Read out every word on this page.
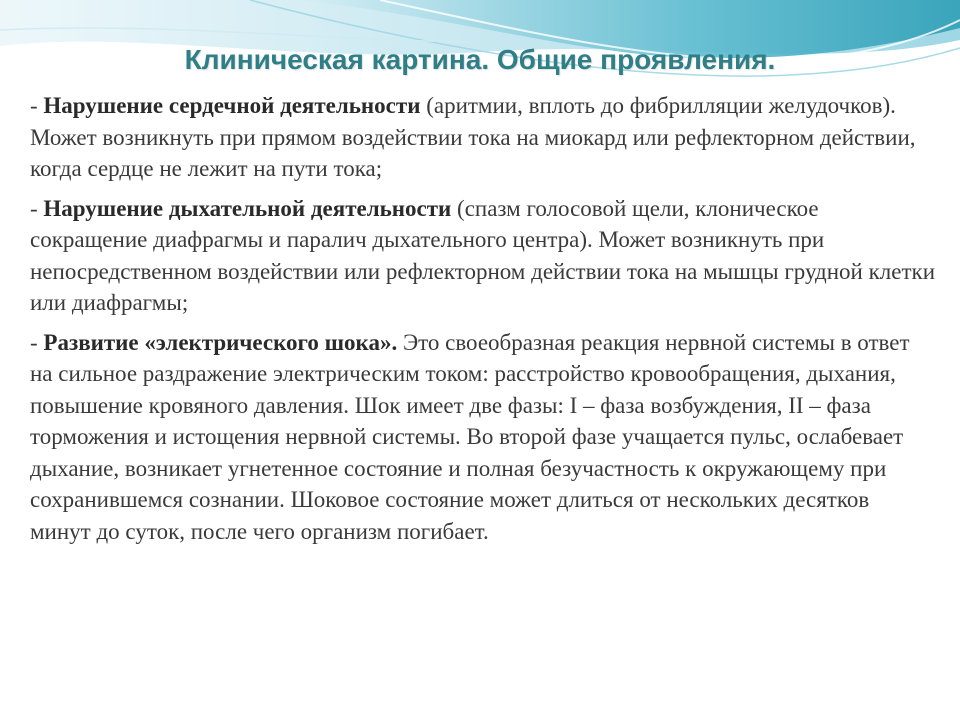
Клиническая картина. Общие проявления.

- Нарушение сердечной деятельности (аритмии, вплоть до фибрилляции желудочков). Может возникнуть при прямом воздействии тока на миокард или рефлекторном действии, когда сердце не лежит на пути тока;

- Нарушение дыхательной деятельности (спазм голосовой щели, клоническое сокращение диафрагмы и паралич дыхательного центра). Может возникнуть при непосредственном воздействии или рефлекторном действии тока на мышцы грудной клетки или диафрагмы;

- Развитие «электрического шока». Это своеобразная реакция нервной системы в ответ на сильное раздражение электрическим током: расстройство кровообращения, дыхания, повышение кровяного давления. Шок имеет две фазы: I – фаза возбуждения, II – фаза торможения и истощения нервной системы. Во второй фазе учащается пульс, ослабевает дыхание, возникает угнетенное состояние и полная безучастность к окружающему при сохранившемся сознании. Шоковое состояние может длиться от нескольких десятков минут до суток, после чего организм погибает.
